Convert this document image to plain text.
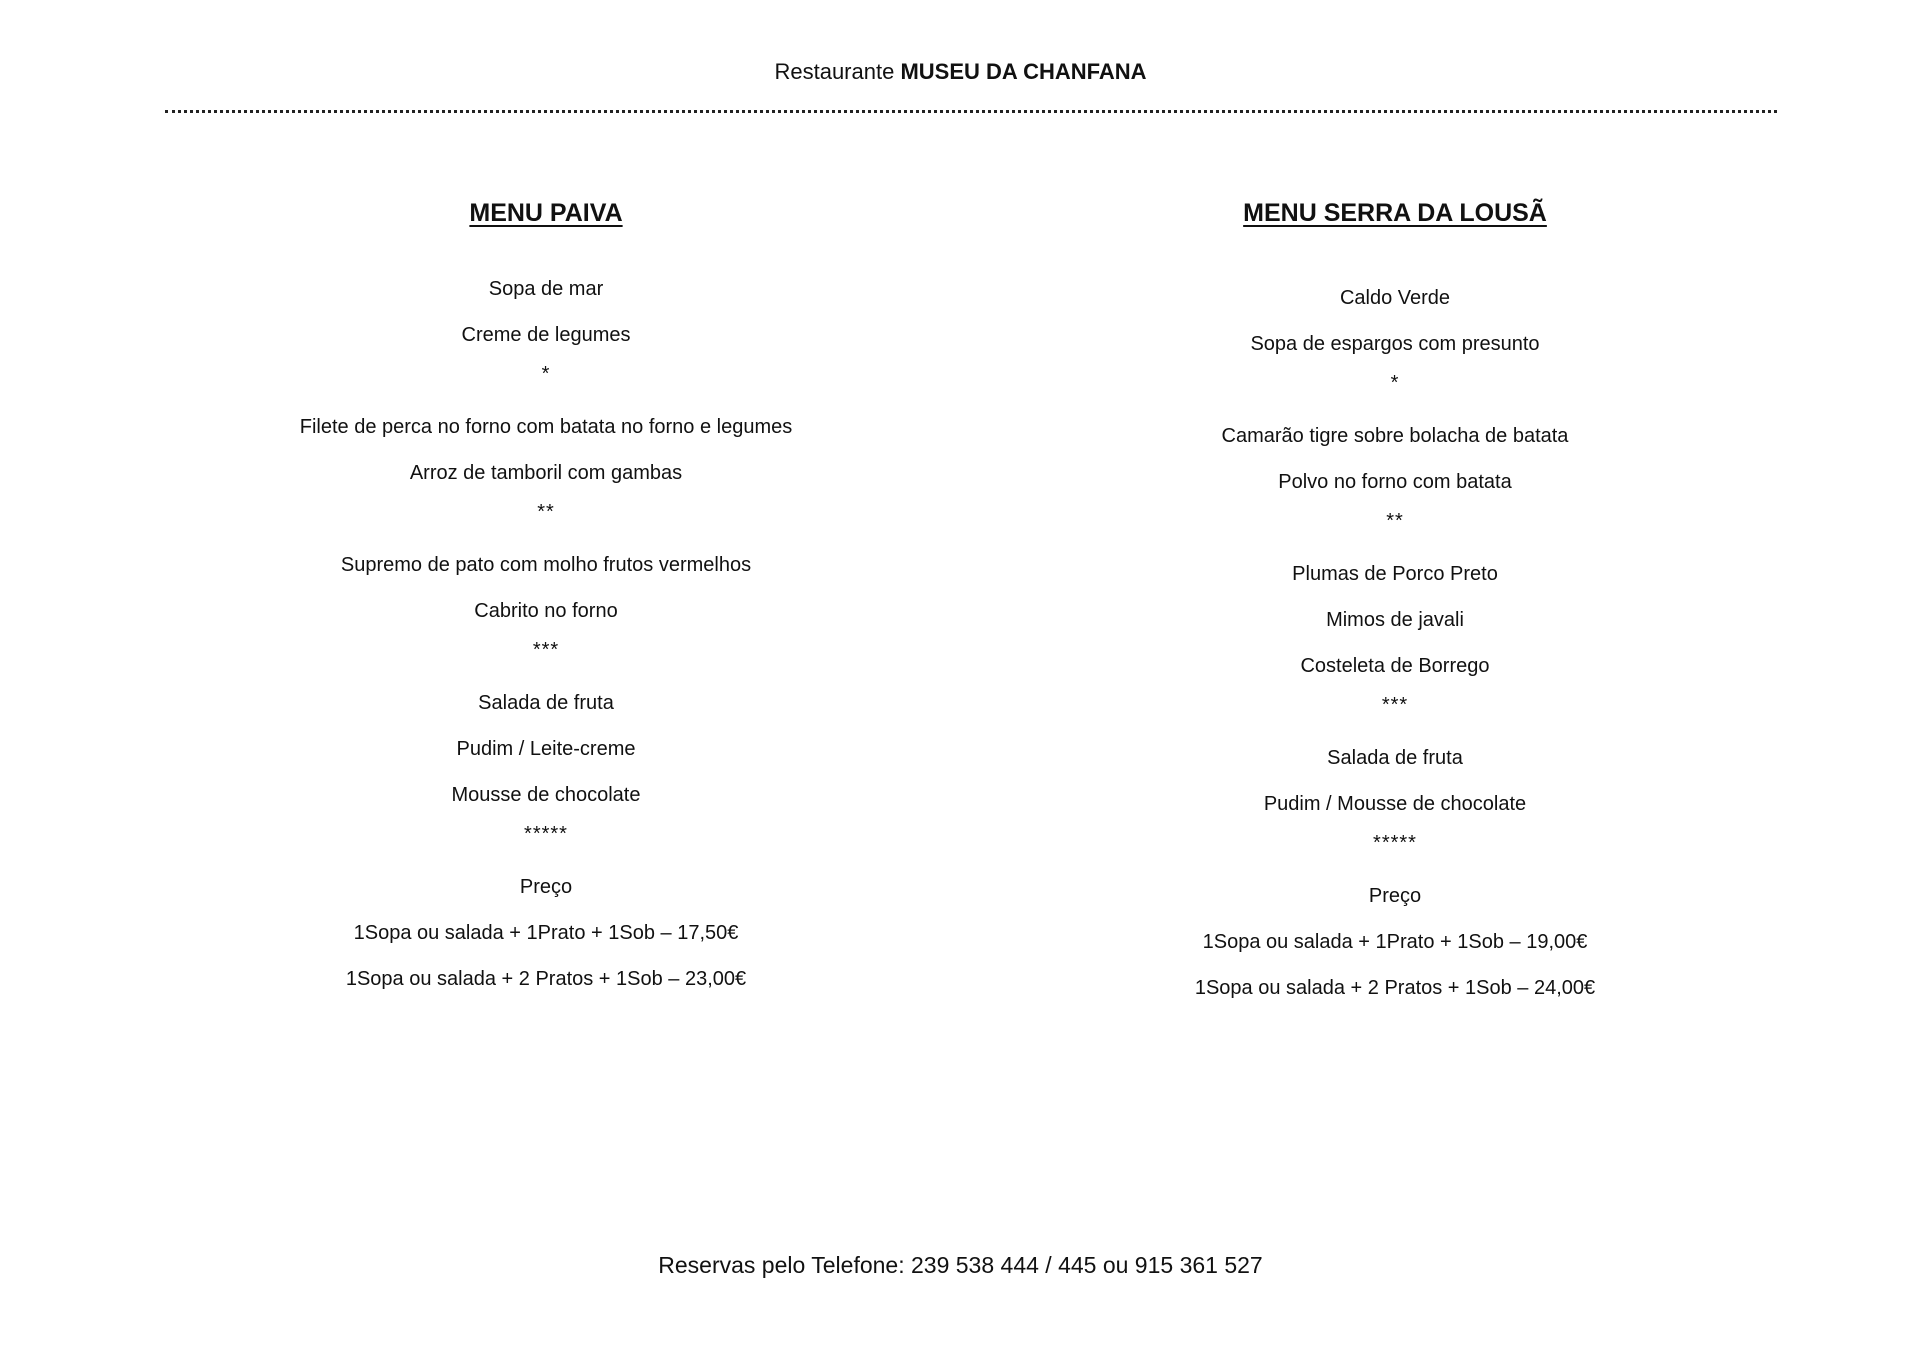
Restaurante MUSEU DA CHANFANA
MENU PAIVA
Sopa de mar
Creme de legumes
*
Filete de perca no forno com batata no forno e legumes
Arroz de tamboril com gambas
**
Supremo de pato com molho frutos vermelhos
Cabrito no forno
***
Salada de fruta
Pudim / Leite-creme
Mousse de chocolate
*****
Preço
1Sopa ou salada + 1Prato + 1Sob – 17,50€
1Sopa ou salada + 2 Pratos + 1Sob – 23,00€
MENU SERRA DA LOUSÃ
Caldo Verde
Sopa de espargos com presunto
*
Camarão tigre sobre bolacha de batata
Polvo no forno com batata
**
Plumas de Porco Preto
Mimos de javali
Costeleta de Borrego
***
Salada de fruta
Pudim / Mousse de chocolate
*****
Preço
1Sopa ou salada + 1Prato + 1Sob – 19,00€
1Sopa ou salada + 2 Pratos + 1Sob – 24,00€
Reservas pelo Telefone: 239 538 444 / 445 ou 915 361 527
